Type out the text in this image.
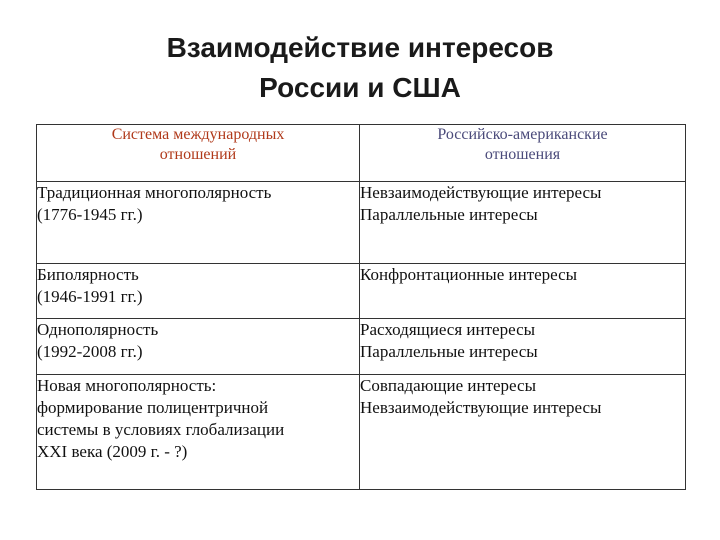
Взаимодействие интересов
России и США
Система международных
отношений	Российско-американские
отношения

Традиционная многополярность
(1776-1945 гг.)	Невзаимодействующие интересы
Параллельные интересы

Биполярность
(1946-1991 гг.)	Конфронтационные интересы

Однополярность
(1992-2008 гг.)	Расходящиеся интересы
Параллельные интересы

Новая многополярность:
формирование полицентричной
системы в условиях глобализации
XXI века (2009 г. - ?)	Совпадающие интересы
Невзаимодействующие интересы
